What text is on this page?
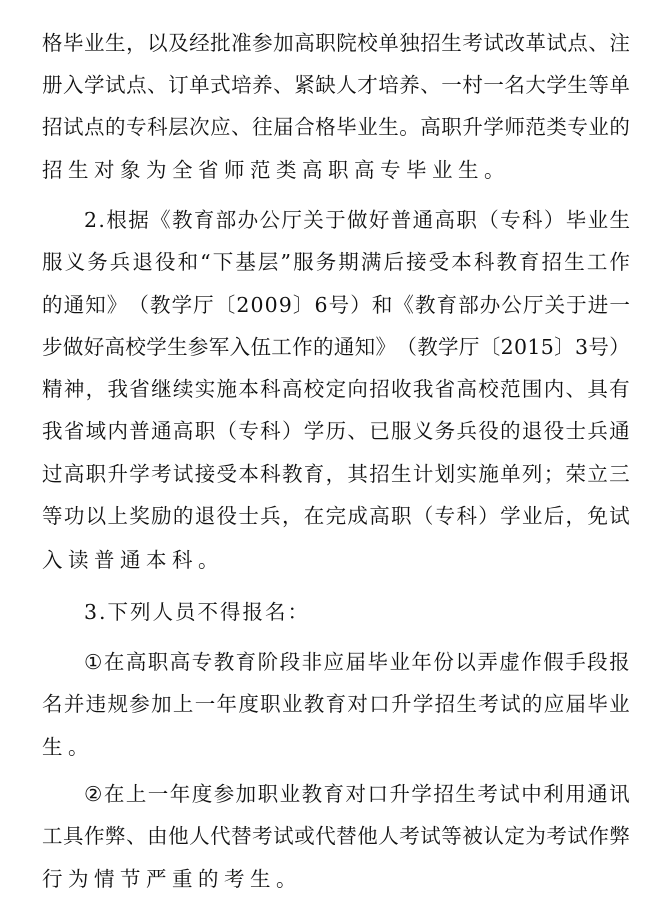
格 毕 业 生 ， 以 及 经 批 准 参 加 高 职 院 校 单 独 招 生 考 试 改 革 试 点 、 注
册 入 学 试 点 、 订 单 式 培 养 、 紧 缺 人 才 培 养 、 一 村 一 名 大 学 生 等 单
招 试 点 的 专 科 层 次 应 、 往 届 合 格 毕 业 生 。 高 职 升 学 师 范 类 专 业 的
招生对象为全省师范类高职高专毕业生。
2 . 根 据 《 教 育 部 办 公 厅 关 于 做 好 普 通 高 职 （ 专 科 ） 毕 业 生
服 义 务 兵 退 役 和 “ 下 基 层 ” 服 务 期 满 后 接 受 本 科 教 育 招 生 工 作
的 通 知 》 （ 教 学 厅 〔 2 0 0 9 〕 6 号 ） 和 《 教 育 部 办 公 厅 关 于 进 一
步 做 好 高 校 学 生 参 军 入 伍 工 作 的 通 知 》 （ 教 学 厅 〔 2 0 1 5 〕 3 号 ）
精 神 ， 我 省 继 续 实 施 本 科 高 校 定 向 招 收 我 省 高 校 范 围 内 、 具 有
我 省 域 内 普 通 高 职 （ 专 科 ） 学 历 、 已 服 义 务 兵 役 的 退 役 士 兵 通
过 高 职 升 学 考 试 接 受 本 科 教 育 ， 其 招 生 计 划 实 施 单 列 ； 荣 立 三
等 功 以 上 奖 励 的 退 役 士 兵 ， 在 完 成 高 职 （ 专 科 ） 学 业 后 ， 免 试
入读普通本科。
3.下列人员不得报名：
① 在 高 职 高 专 教 育 阶 段 非 应 届 毕 业 年 份 以 弄 虚 作 假 手 段 报
名 并 违 规 参 加 上 一 年 度 职 业 教 育 对 口 升 学 招 生 考 试 的 应 届 毕 业
生。
② 在 上 一 年 度 参 加 职 业 教 育 对 口 升 学 招 生 考 试 中 利 用 通 讯
工 具 作 弊 、 由 他 人 代 替 考 试 或 代 替 他 人 考 试 等 被 认 定 为 考 试 作 弊
行为情节严重的考生。
